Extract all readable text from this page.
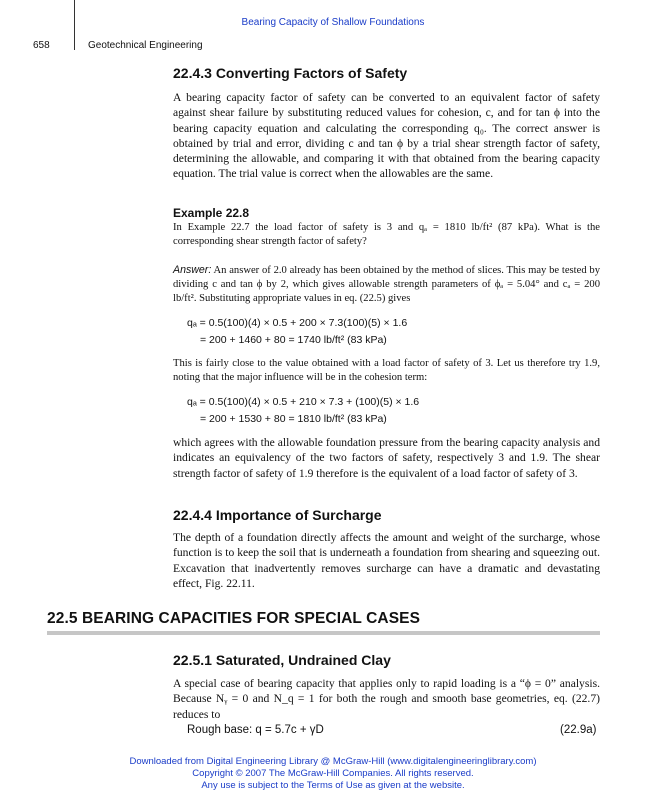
Bearing Capacity of Shallow Foundations
658	Geotechnical Engineering
22.4.3 Converting Factors of Safety

A bearing capacity factor of safety can be converted to an equivalent factor of safety against shear failure by substituting reduced values for cohesion, c, and for tan ϕ into the bearing capacity equation and calculating the corresponding q₀. The correct answer is obtained by trial and error, dividing c and tan ϕ by a trial shear strength factor of safety, determining the allowable, and comparing it with that obtained from the bearing capacity equation. The trial value is correct when the allowables are the same.

Example 22.8

In Example 22.7 the load factor of safety is 3 and qₐ = 1810 lb/ft² (87 kPa). What is the corresponding shear strength factor of safety?

Answer: An answer of 2.0 already has been obtained by the method of slices. This may be tested by dividing c and tan ϕ by 2, which gives allowable strength parameters of ϕₐ = 5.04° and cₐ = 200 lb/ft². Substituting appropriate values in eq. (22.5) gives

qₐ = 0.5(100)(4) × 0.5 + 200 × 7.3(100)(5) × 1.6
= 200 + 1460 + 80 = 1740 lb/ft² (83 kPa)

This is fairly close to the value obtained with a load factor of safety of 3. Let us therefore try 1.9, noting that the major influence will be in the cohesion term:

qₐ = 0.5(100)(4) × 0.5 + 210 × 7.3 + (100)(5) × 1.6
= 200 + 1530 + 80 = 1810 lb/ft² (83 kPa)

which agrees with the allowable foundation pressure from the bearing capacity analysis and indicates an equivalency of the two factors of safety, respectively 3 and 1.9. The shear strength factor of safety of 1.9 therefore is the equivalent of a load factor of safety of 3.

22.4.4 Importance of Surcharge

The depth of a foundation directly affects the amount and weight of the surcharge, whose function is to keep the soil that is underneath a foundation from shearing and squeezing out. Excavation that inadvertently removes surcharge can have a dramatic and devastating effect, Fig. 22.11.

22.5 BEARING CAPACITIES FOR SPECIAL CASES
22.5.1 Saturated, Undrained Clay

A special case of bearing capacity that applies only to rapid loading is a “ϕ = 0” analysis. Because Nᵧ = 0 and N_q = 1 for both the rough and smooth base geometries, eq. (22.7) reduces to

Rough base: q = 5.7c + γD	(22.9a)
Downloaded from Digital Engineering Library @ McGraw-Hill (www.digitalengineeringlibrary.com)
Copyright © 2007 The McGraw-Hill Companies. All rights reserved.
Any use is subject to the Terms of Use as given at the website.
